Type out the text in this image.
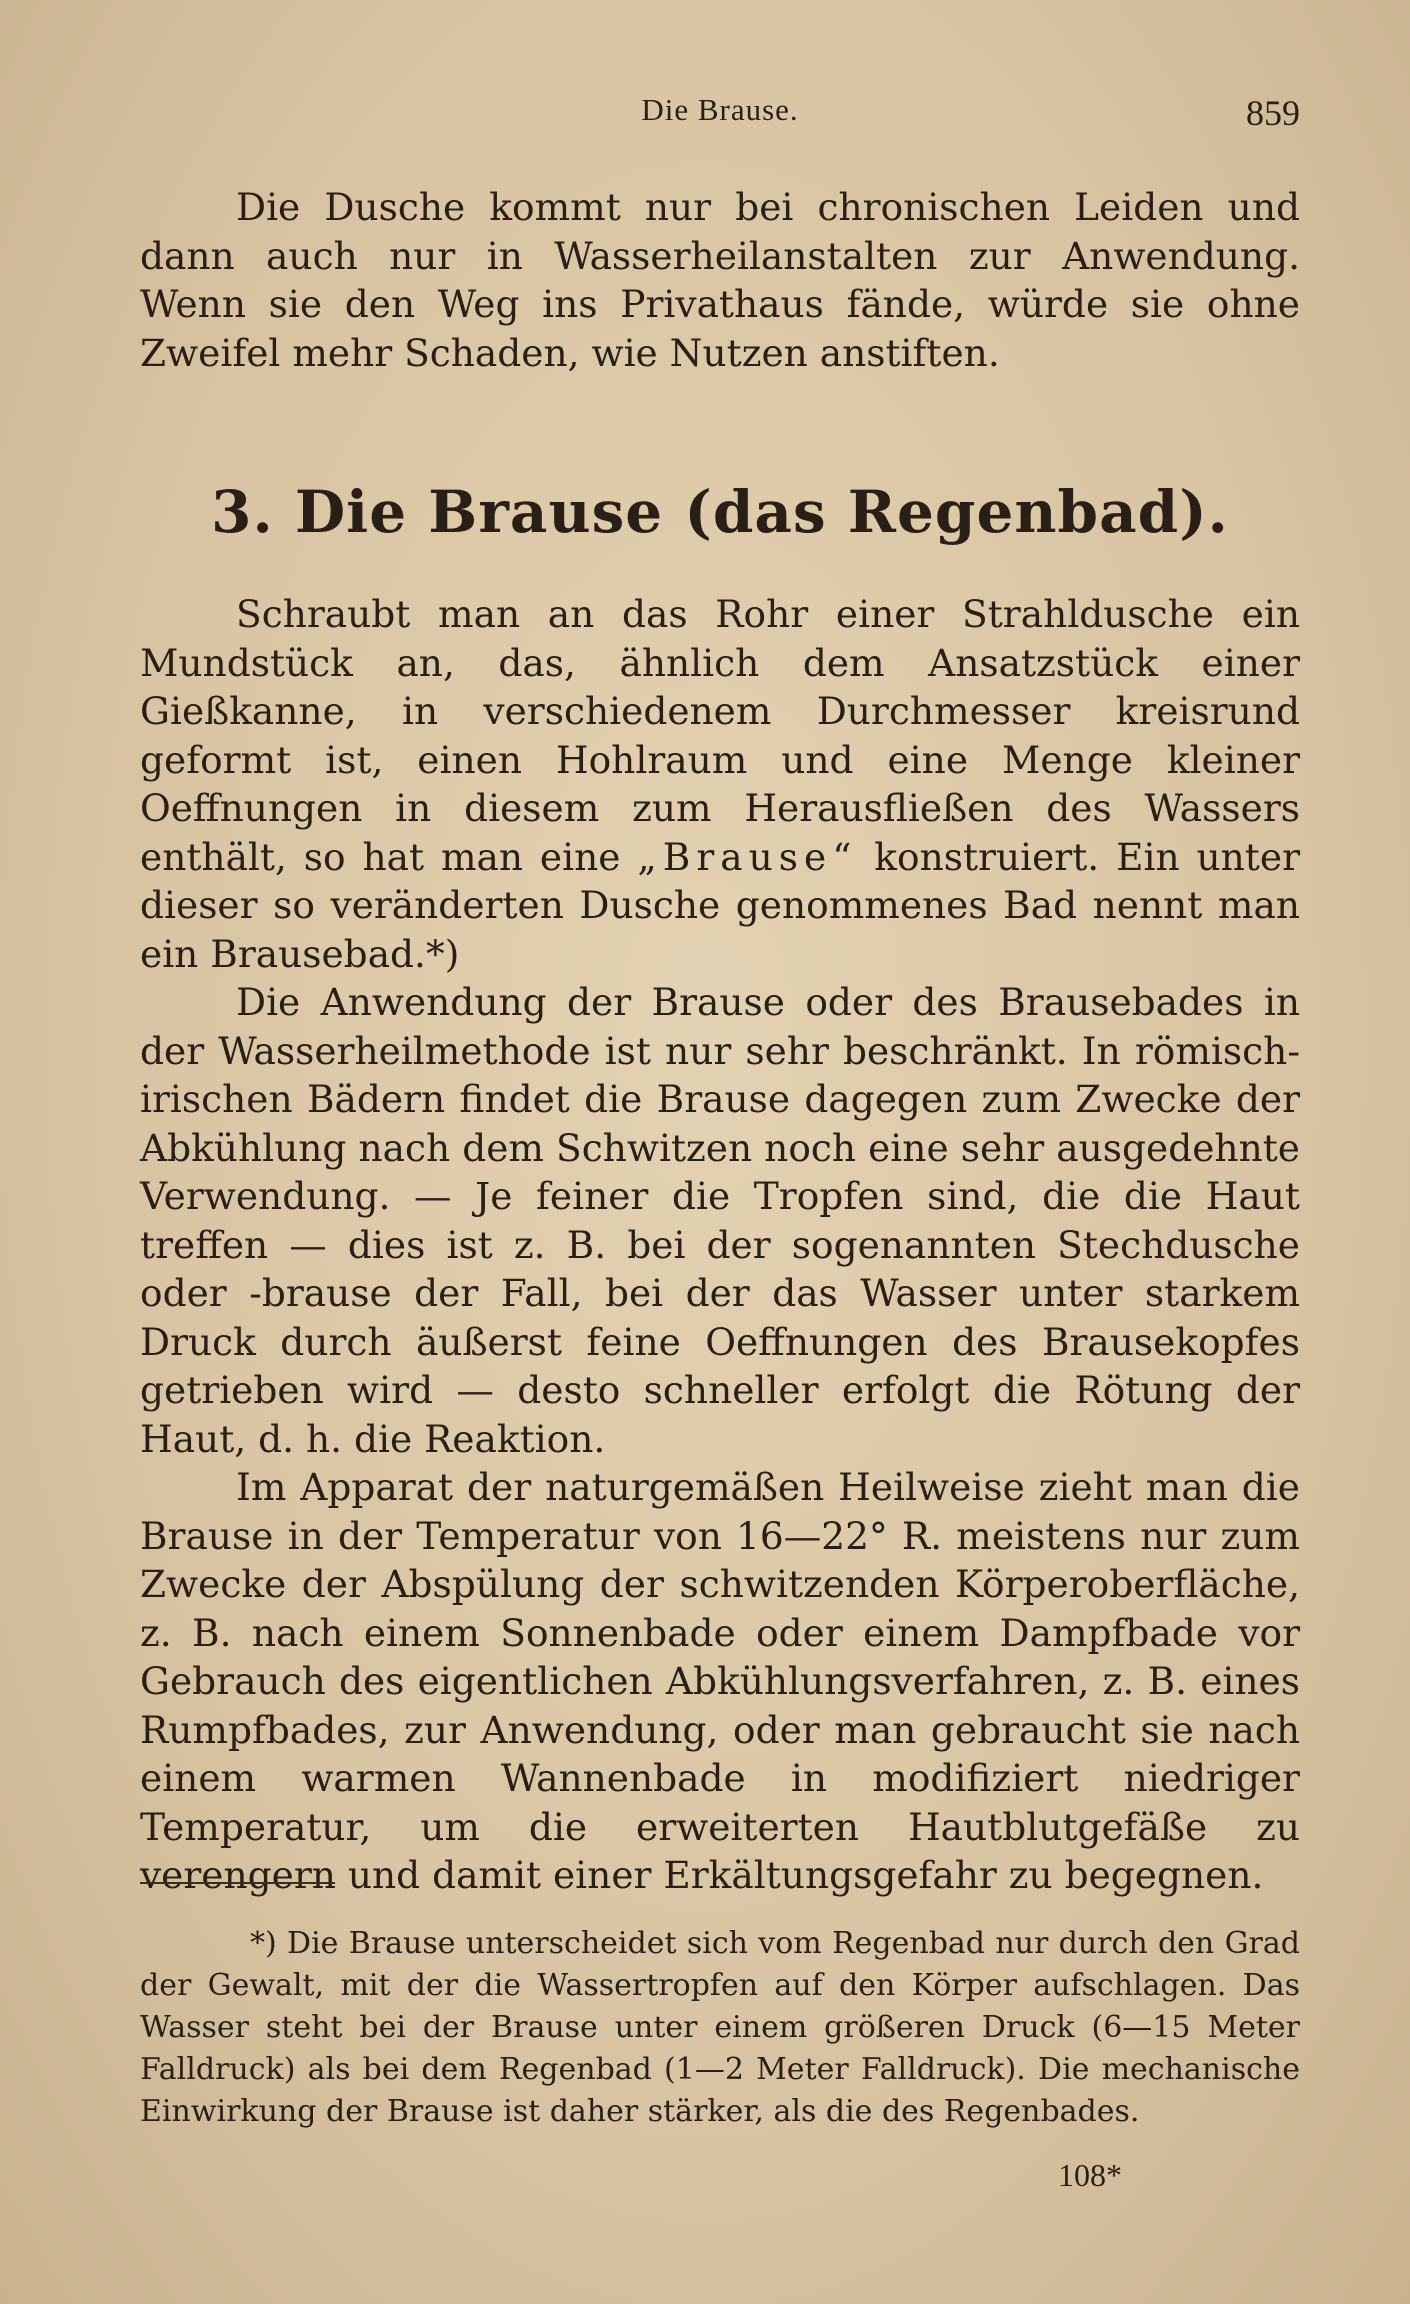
Die Brause.	859

Die Dusche kommt nur bei chronischen Leiden und dann auch nur in Wasserheilanstalten zur Anwendung. Wenn sie den Weg ins Privathaus fände, würde sie ohne Zweifel mehr Schaden, wie Nutzen anstiften.

3. Die Brause (das Regenbad).

Schraubt man an das Rohr einer Strahldusche ein Mundstück an, das, ähnlich dem Ansatzstück einer Gießkanne, in verschiedenem Durchmesser kreisrund geformt ist, einen Hohlraum und eine Menge kleiner Oeffnungen in diesem zum Herausfließen des Wassers enthält, so hat man eine „Brause“ konstruiert. Ein unter dieser so veränderten Dusche genommenes Bad nennt man ein Brausebad.*)

Die Anwendung der Brause oder des Brausebades in der Wasserheilmethode ist nur sehr beschränkt. In römisch-irischen Bädern findet die Brause dagegen zum Zwecke der Abkühlung nach dem Schwitzen noch eine sehr ausgedehnte Verwendung. — Je feiner die Tropfen sind, die die Haut treffen — dies ist z. B. bei der sogenannten Stechdusche oder -brause der Fall, bei der das Wasser unter starkem Druck durch äußerst feine Oeffnungen des Brausekopfes getrieben wird — desto schneller erfolgt die Rötung der Haut, d. h. die Reaktion.

Im Apparat der naturgemäßen Heilweise zieht man die Brause in der Temperatur von 16—22° R. meistens nur zum Zwecke der Abspülung der schwitzenden Körperoberfläche, z. B. nach einem Sonnenbade oder einem Dampfbade vor Gebrauch des eigentlichen Abkühlungsverfahren, z. B. eines Rumpfbades, zur Anwendung, oder man gebraucht sie nach einem warmen Wannenbade in modifiziert niedriger Temperatur, um die erweiterten Hautblutgefäße zu verengern und damit einer Erkältungsgefahr zu begegnen.

*) Die Brause unterscheidet sich vom Regenbad nur durch den Grad der Gewalt, mit der die Wassertropfen auf den Körper aufschlagen. Das Wasser steht bei der Brause unter einem größeren Druck (6—15 Meter Falldruck) als bei dem Regenbad (1—2 Meter Falldruck). Die mechanische Einwirkung der Brause ist daher stärker, als die des Regenbades.

108*
